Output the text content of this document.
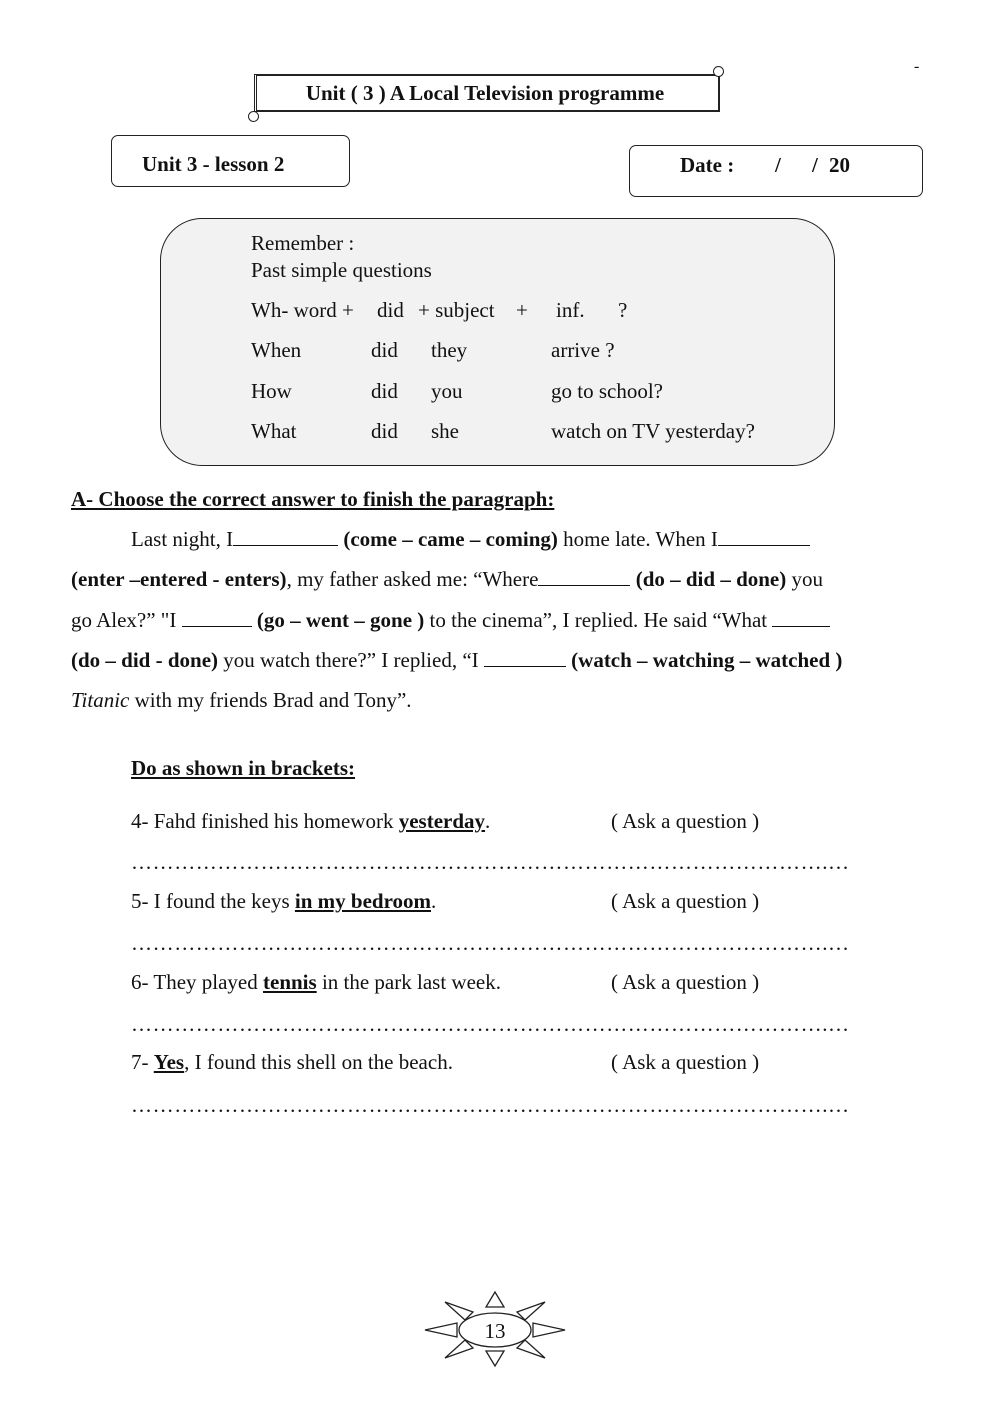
-
Unit ( 3 ) A Local Television programme
Unit 3 - lesson 2	Date : / / 20
Remember :
Past simple questions
Wh- word + did + subject + inf. ?
When	did they	arrive ?
How	did you	go to school?
What	did she	watch on TV yesterday?
A- Choose the correct answer to finish the paragraph:
Last night, I	(come – came – coming) home late. When I
(enter –entered - enters), my father asked me: “Where	(do – did – done) you
go Alex?” "I	(go – went – gone ) to the cinema”, I replied. He said “What
(do – did - done) you watch there?” I replied, “I	(watch – watching – watched )
Titanic with my friends Brad and Tony”.
Do as shown in brackets:
4- Fahd finished his homework yesterday.	( Ask a question )
…………………………………………………………………………………….…
5- I found the keys in my bedroom.	( Ask a question )
…………………………………………………………………………………….…
6- They played tennis in the park last week.	( Ask a question )
…………………………………………………………………………………….…
7- Yes, I found this shell on the beach.	( Ask a question )
…………………………………………………………………………………….…
13
